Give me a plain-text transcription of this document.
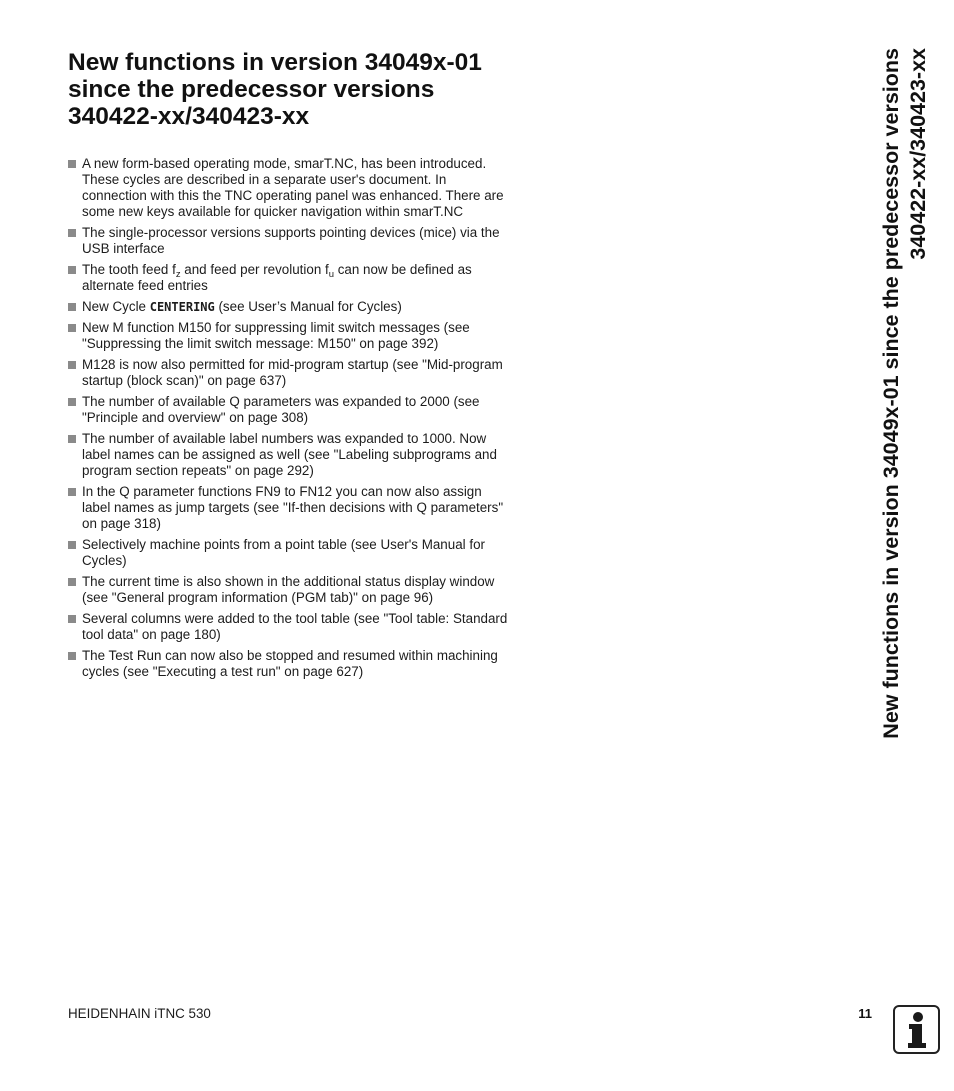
New functions in version 34049x-01
since the predecessor versions
340422-xx/340423-xx
A new form-based operating mode, smarT.NC, has been introduced. These cycles are described in a separate user's document. In connection with this the TNC operating panel was enhanced. There are some new keys available for quicker navigation within smarT.NC
The single-processor versions supports pointing devices (mice) via the USB interface
The tooth feed $f_z$ and feed per revolution $f_u$ can now be defined as alternate feed entries
New Cycle CENTERING (see User’s Manual for Cycles)
New M function M150 for suppressing limit switch messages (see "Suppressing the limit switch message: M150" on page 392)
M128 is now also permitted for mid-program startup (see "Mid-program startup (block scan)" on page 637)
The number of available Q parameters was expanded to 2000 (see "Principle and overview" on page 308)
The number of available label numbers was expanded to 1000. Now label names can be assigned as well (see "Labeling subprograms and program section repeats" on page 292)
In the Q parameter functions FN9 to FN12 you can now also assign label names as jump targets (see "If-then decisions with Q parameters" on page 318)
Selectively machine points from a point table (see User's Manual for Cycles)
The current time is also shown in the additional status display window (see "General program information (PGM tab)" on page 96)
Several columns were added to the tool table (see "Tool table: Standard tool data" on page 180)
The Test Run can now also be stopped and resumed within machining cycles (see "Executing a test run" on page 627)	New functions in version 34049x-01 since the predecessor versions 340422-xx/340423-xx
HEIDENHAIN iTNC 530	11
